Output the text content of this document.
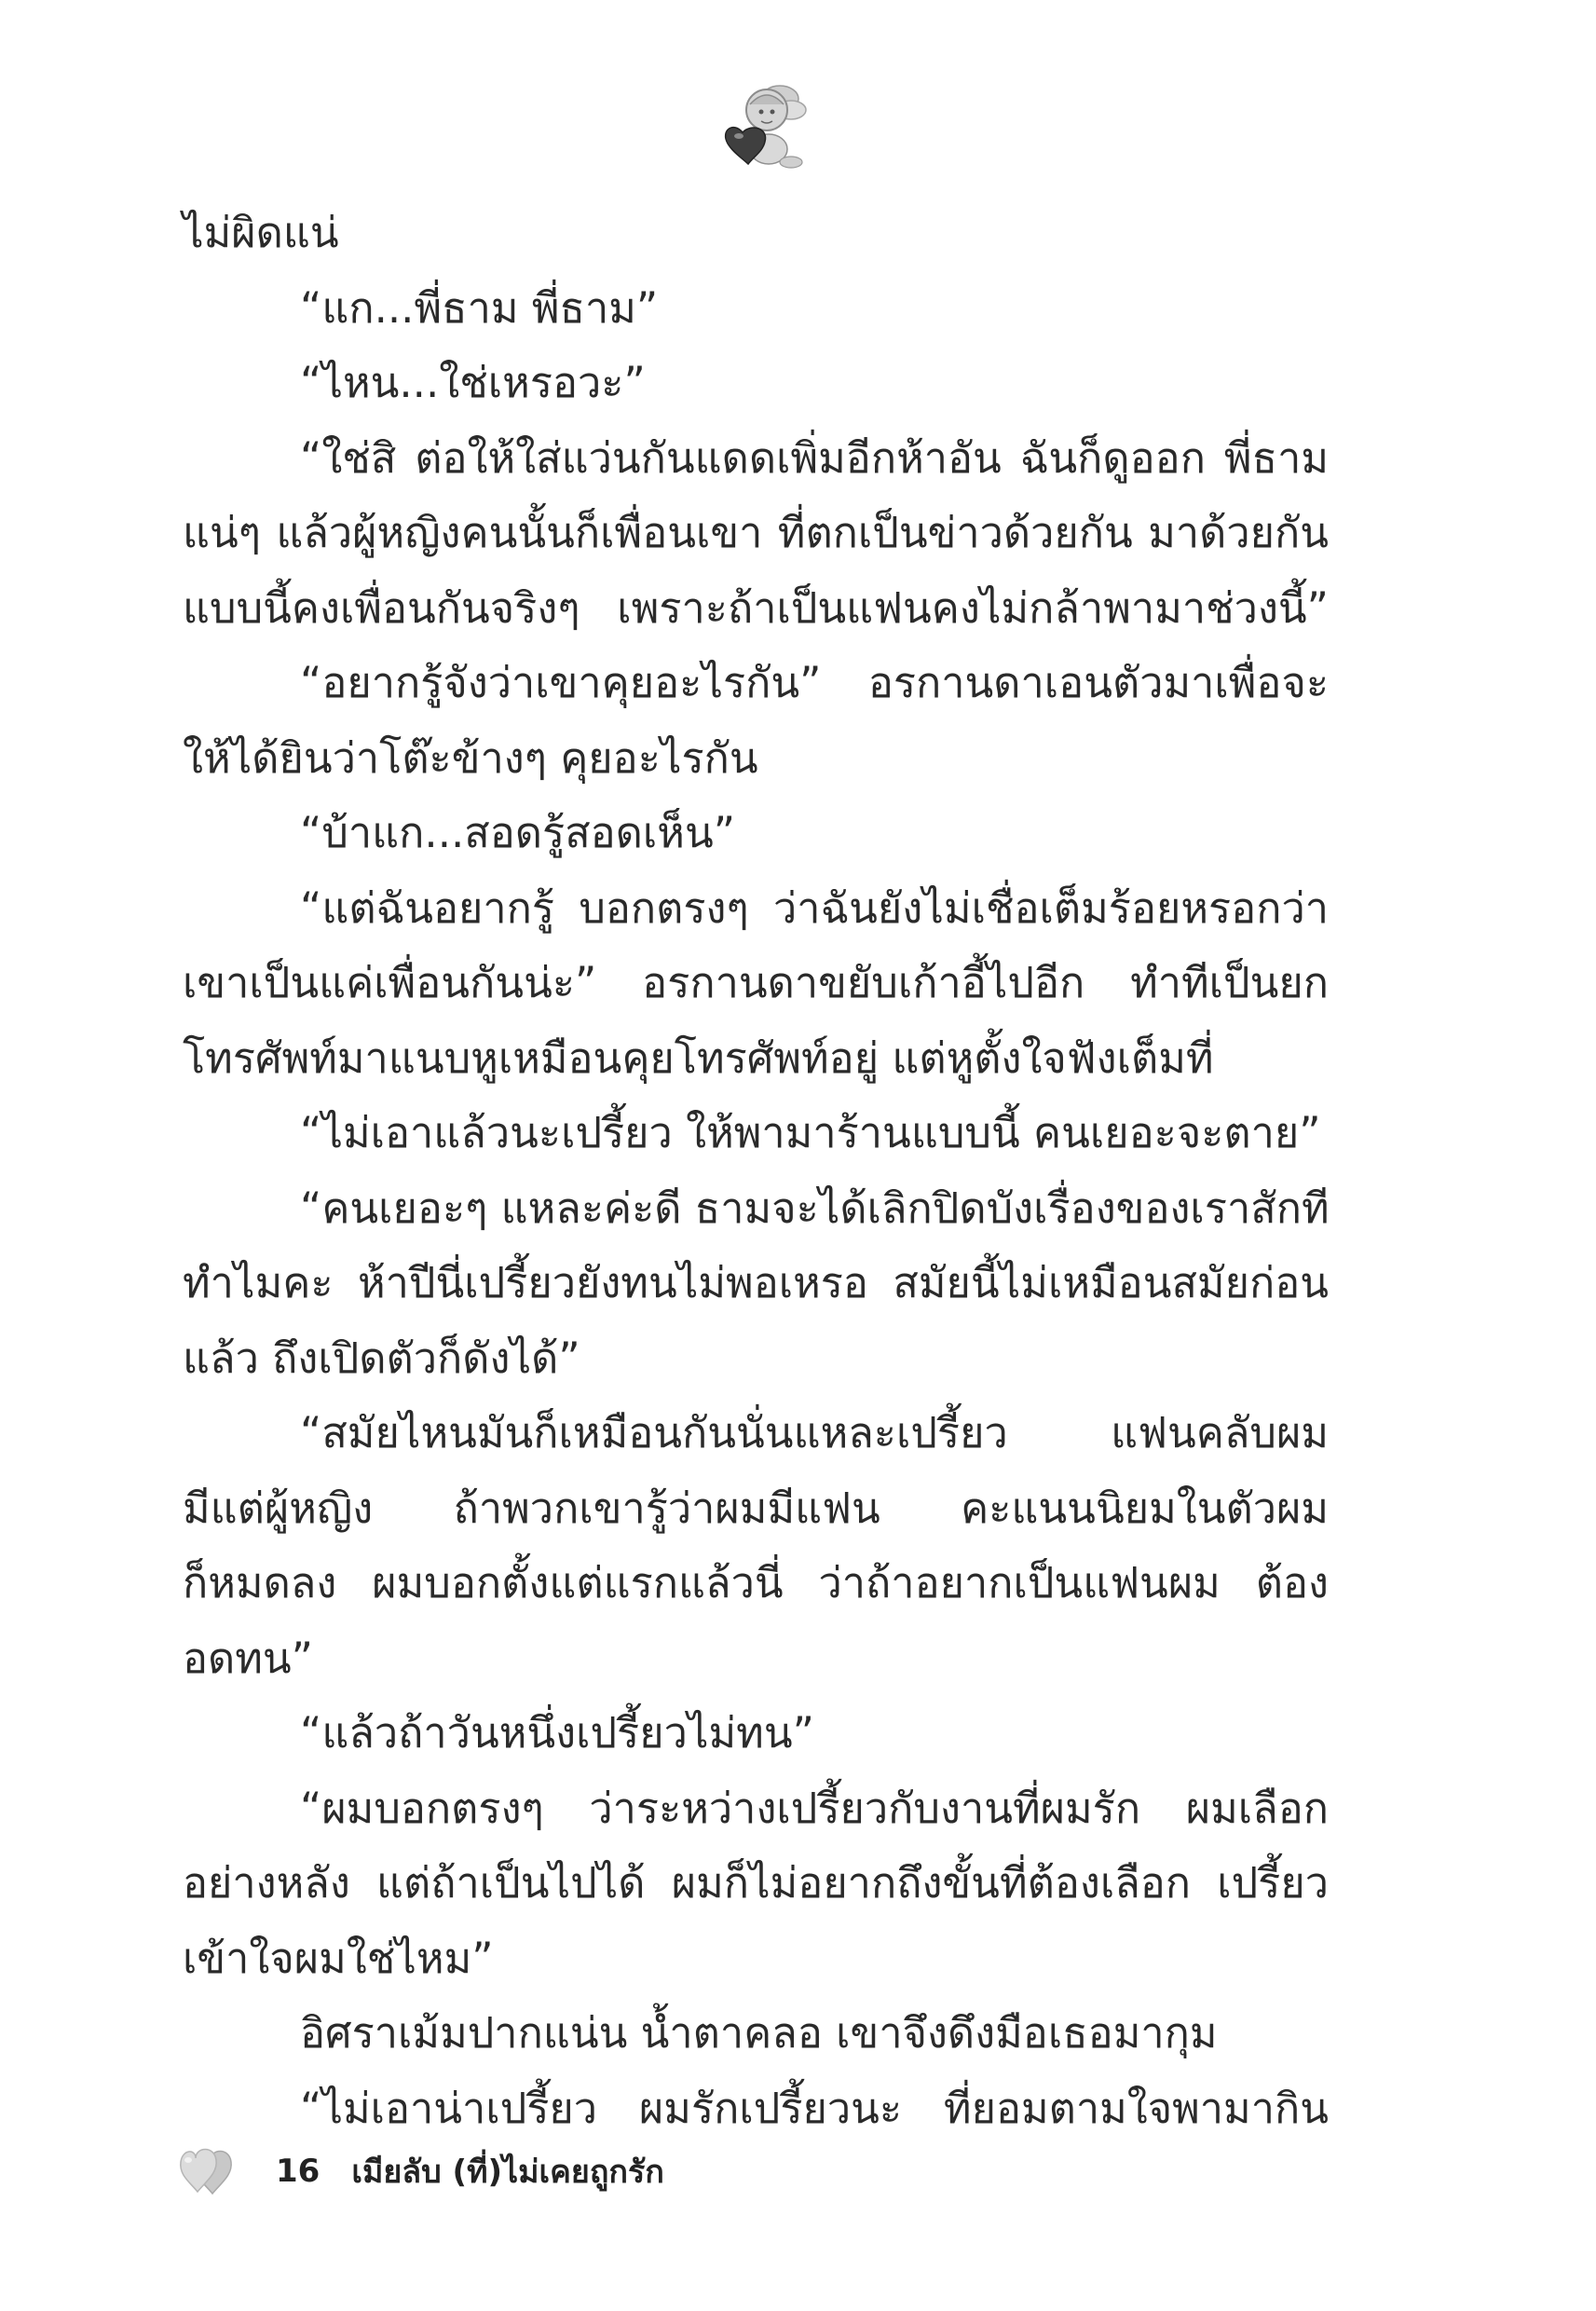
ไม่ผิดแน่
“แก...พี่ธาม พี่ธาม”
“ไหน...ใช่เหรอวะ”
“ใช่สิ ต่อให้ใส่แว่นกันแดดเพิ่มอีกห้าอัน ฉันก็ดูออก พี่ธาม
แน่ๆ แล้วผู้หญิงคนนั้นก็เพื่อนเขา ที่ตกเป็นข่าวด้วยกัน มาด้วยกัน
แบบนี้คงเพื่อนกันจริงๆ เพราะถ้าเป็นแฟนคงไม่กล้าพามาช่วงนี้”
“อยากรู้จังว่าเขาคุยอะไรกัน” อรกานดาเอนตัวมาเพื่อจะ
ให้ได้ยินว่าโต๊ะข้างๆ คุยอะไรกัน
“บ้าแก...สอดรู้สอดเห็น”
“แต่ฉันอยากรู้ บอกตรงๆ ว่าฉันยังไม่เชื่อเต็มร้อยหรอกว่า
เขาเป็นแค่เพื่อนกันน่ะ” อรกานดาขยับเก้าอี้ไปอีก ทำทีเป็นยก
โทรศัพท์มาแนบหูเหมือนคุยโทรศัพท์อยู่ แต่หูตั้งใจฟังเต็มที่
“ไม่เอาแล้วนะเปรี้ยว ให้พามาร้านแบบนี้ คนเยอะจะตาย”
“คนเยอะๆ แหละค่ะดี ธามจะได้เลิกปิดบังเรื่องของเราสักที
ทำไมคะ ห้าปีนี่เปรี้ยวยังทนไม่พอเหรอ สมัยนี้ไม่เหมือนสมัยก่อน
แล้ว ถึงเปิดตัวก็ดังได้”
“สมัยไหนมันก็เหมือนกันนั่นแหละเปรี้ยว แฟนคลับผม
มีแต่ผู้หญิง ถ้าพวกเขารู้ว่าผมมีแฟน คะแนนนิยมในตัวผม
ก็หมดลง ผมบอกตั้งแต่แรกแล้วนี่ ว่าถ้าอยากเป็นแฟนผม ต้อง
อดทน”
“แล้วถ้าวันหนึ่งเปรี้ยวไม่ทน”
“ผมบอกตรงๆ ว่าระหว่างเปรี้ยวกับงานที่ผมรัก ผมเลือก
อย่างหลัง แต่ถ้าเป็นไปได้ ผมก็ไม่อยากถึงขั้นที่ต้องเลือก เปรี้ยว
เข้าใจผมใช่ไหม”
อิศราเม้มปากแน่น น้ำตาคลอ เขาจึงดึงมือเธอมากุม
“ไม่เอาน่าเปรี้ยว ผมรักเปรี้ยวนะ ที่ยอมตามใจพามากิน
16 เมียลับ (ที่)ไม่เคยถูกรัก
